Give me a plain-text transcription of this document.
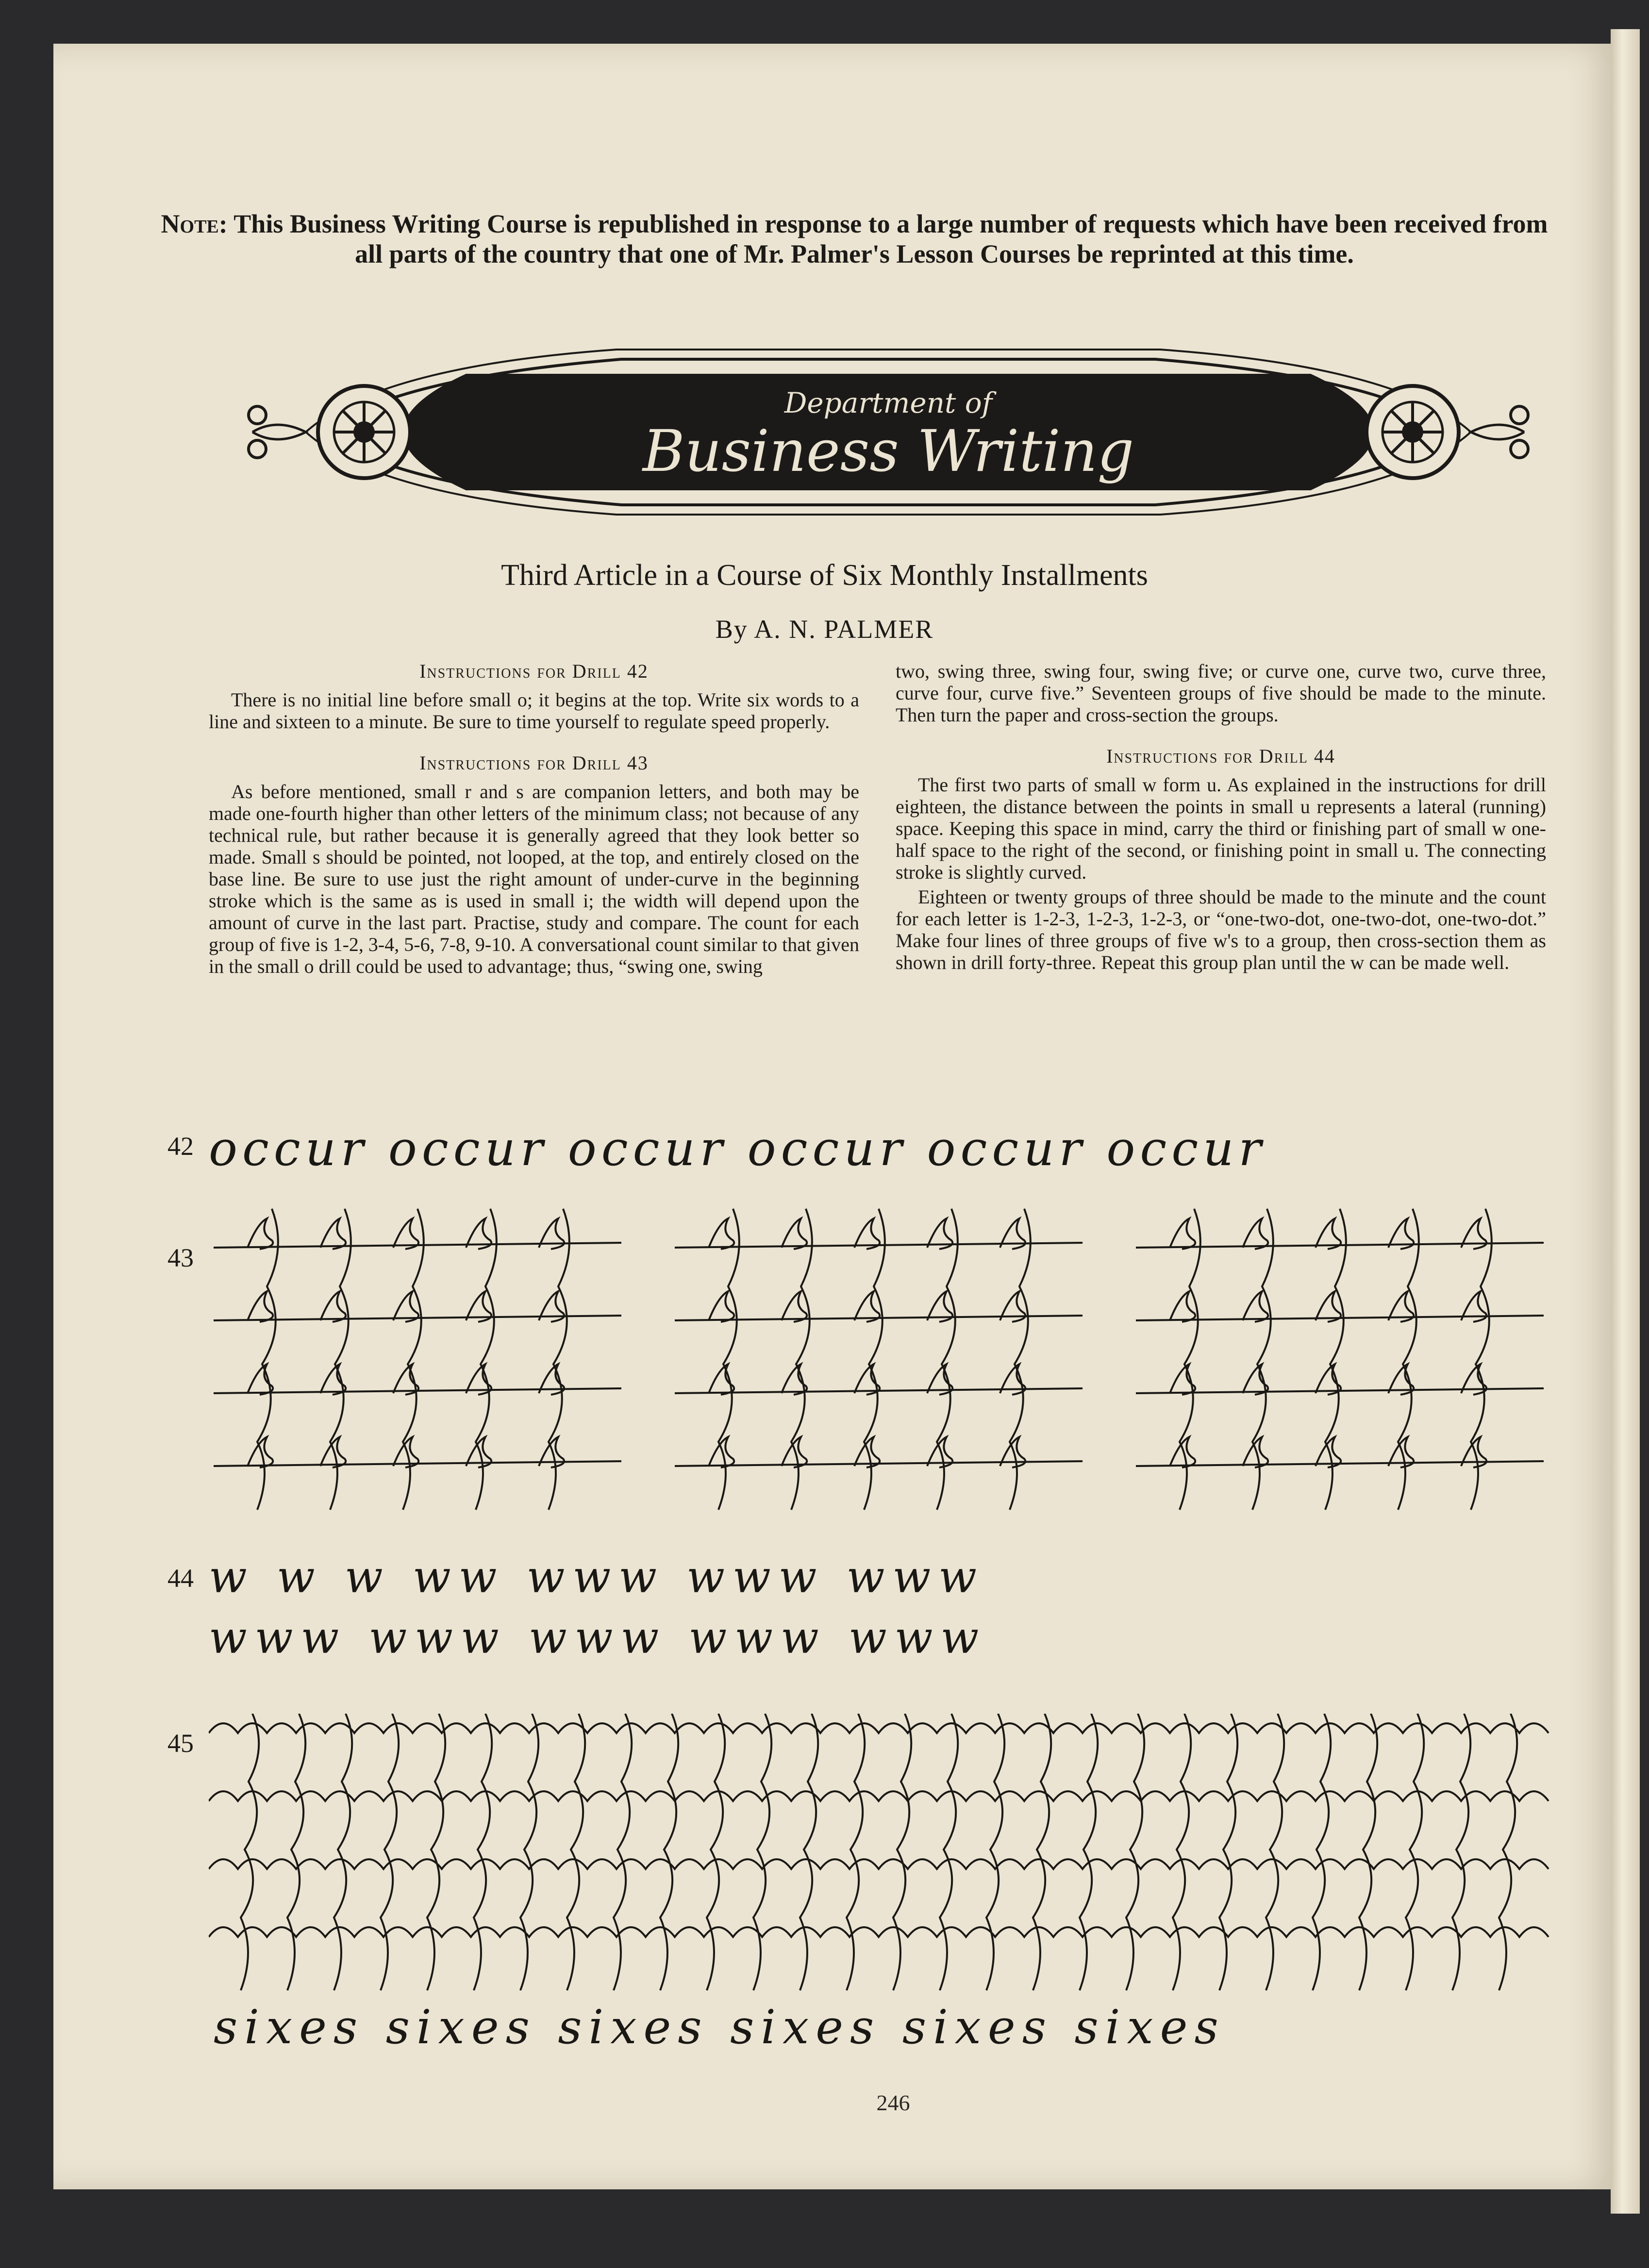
Note: This Business Writing Course is republished in response to a large number of requests which have been received from all parts of the country that one of Mr. Palmer's Lesson Courses be reprinted at this time.
Department of
Business Writing
Third Article in a Course of Six Monthly Installments
By A. N. PALMER
Instructions for Drill 42

There is no initial line before small o; it begins at the top. Write six words to a line and sixteen to a minute. Be sure to time yourself to regulate speed properly.

Instructions for Drill 43

As before mentioned, small r and s are companion letters, and both may be made one-fourth higher than other letters of the minimum class; not because of any technical rule, but rather because it is generally agreed that they look better so made. Small s should be pointed, not looped, at the top, and entirely closed on the base line. Be sure to use just the right amount of under-curve in the beginning stroke which is the same as is used in small i; the width will depend upon the amount of curve in the last part. Practise, study and compare. The count for each group of five is 1-2, 3-4, 5-6, 7-8, 9-10. A conversational count similar to that given in the small o drill could be used to advantage; thus, “swing one, swing

two, swing three, swing four, swing five; or curve one, curve two, curve three, curve four, curve five.” Seventeen groups of five should be made to the minute. Then turn the paper and cross-section the groups.

Instructions for Drill 44

The first two parts of small w form u. As explained in the instructions for drill eighteen, the distance between the points in small u represents a lateral (running) space. Keeping this space in mind, carry the third or finishing part of small w one-half space to the right of the second, or finishing point in small u. The connecting stroke is slightly curved.

Eighteen or twenty groups of three should be made to the minute and the count for each letter is 1-2-3, 1-2-3, 1-2-3, or “one-two-dot, one-two-dot, one-two-dot.” Make four lines of three groups of five w's to a group, then cross-section them as shown in drill forty-three. Repeat this group plan until the w can be made well.

42 occur occur occur occur occur occur
43
44 w w w ww www www www
www www www www www
45
sixes sixes sixes sixes sixes sixes
246
